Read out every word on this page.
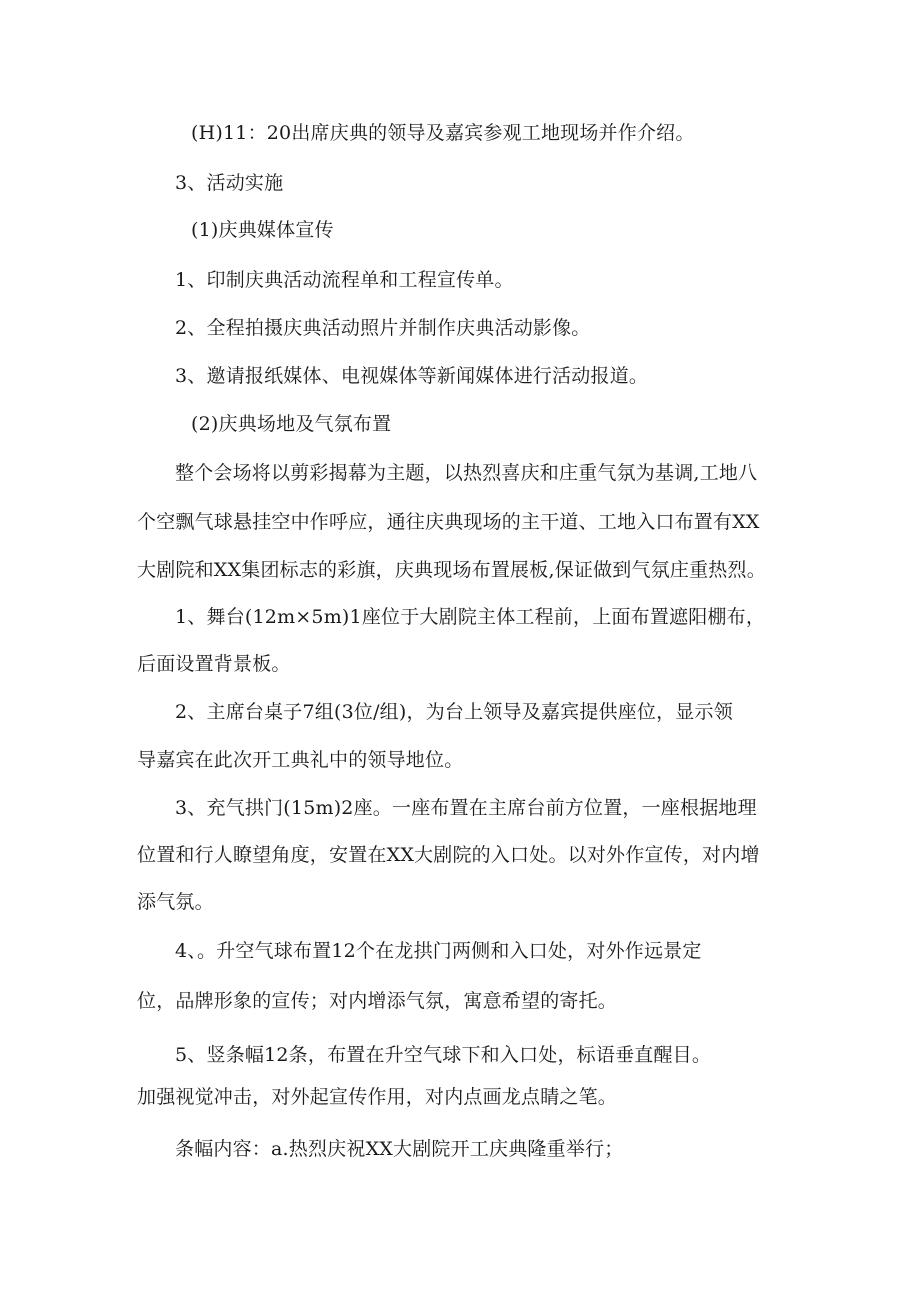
(H)11：20出席庆典的领导及嘉宾参观工地现场并作介绍。
3、活动实施
(1)庆典媒体宣传
1、印制庆典活动流程单和工程宣传单。
2、全程拍摄庆典活动照片并制作庆典活动影像。
3、邀请报纸媒体、电视媒体等新闻媒体进行活动报道。
(2)庆典场地及气氛布置
整个会场将以剪彩揭幕为主题，以热烈喜庆和庄重气氛为基调,工地八
个空飘气球悬挂空中作呼应，通往庆典现场的主干道、工地入口布置有XX
大剧院和XX集团标志的彩旗，庆典现场布置展板,保证做到气氛庄重热烈。
1、舞台(12m×5m)1座位于大剧院主体工程前，上面布置遮阳棚布，
后面设置背景板。
2、主席台桌子7组(3位/组)，为台上领导及嘉宾提供座位，显示领
导嘉宾在此次开工典礼中的领导地位。
3、充气拱门(15m)2座。一座布置在主席台前方位置，一座根据地理
位置和行人瞭望角度，安置在XX大剧院的入口处。以对外作宣传，对内增
添气氛。
4、。升空气球布置12个在龙拱门两侧和入口处，对外作远景定
位，品牌形象的宣传；对内增添气氛，寓意希望的寄托。
5、竖条幅12条，布置在升空气球下和入口处，标语垂直醒目。
加强视觉冲击，对外起宣传作用，对内点画龙点睛之笔。
条幅内容：a.热烈庆祝XX大剧院开工庆典隆重举行；
